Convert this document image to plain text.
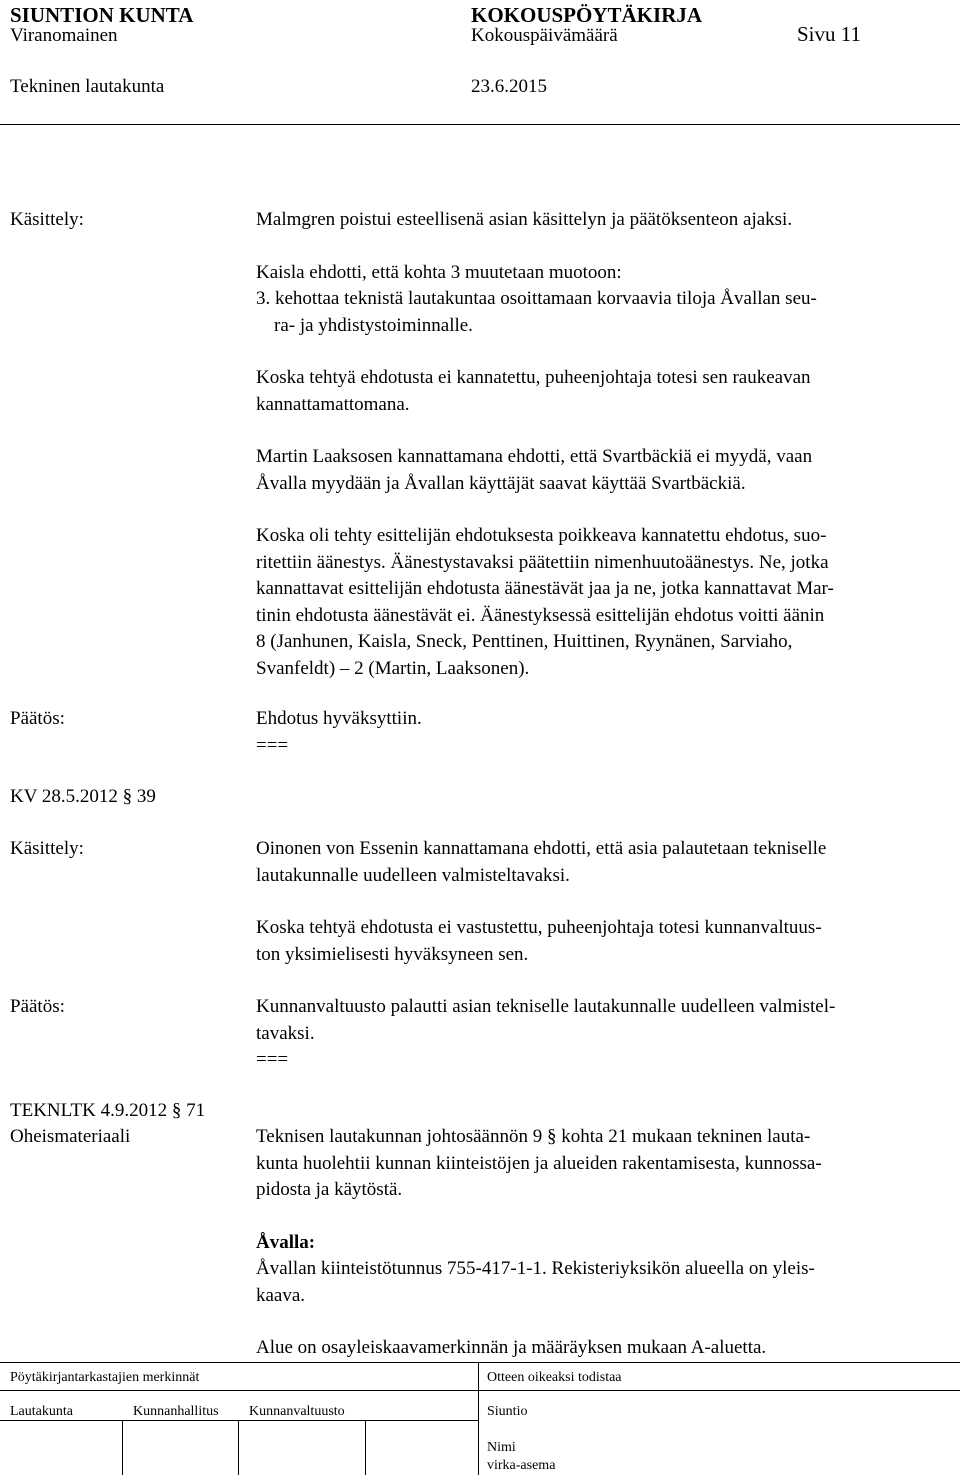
SIUNTION KUNTA	KOKOUSPÖYTÄKIRJA
Viranomainen	Kokouspäivämäärä	Sivu 11
Tekninen lautakunta	23.6.2015
Käsittely:	Malmgren poistui esteellisenä asian käsittelyn ja päätöksenteon ajaksi.

Kaisla ehdotti, että kohta 3 muutetaan muotoon:

3. kehottaa teknistä lautakuntaa osoittamaan korvaavia tiloja Åvallan seu-

ra- ja yhdistystoiminnalle.

Koska tehtyä ehdotusta ei kannatettu, puheenjohtaja totesi sen raukeavan

kannattamattomana.

Martin Laaksosen kannattamana ehdotti, että Svartbäckiä ei myydä, vaan

Åvalla myydään ja Åvallan käyttäjät saavat käyttää Svartbäckiä.

Koska oli tehty esittelijän ehdotuksesta poikkeava kannatettu ehdotus, suo-

ritettiin äänestys. Äänestystavaksi päätettiin nimenhuutoäänestys. Ne, jotka

kannattavat esittelijän ehdotusta äänestävät jaa ja ne, jotka kannattavat Mar-

tinin ehdotusta äänestävät ei. Äänestyksessä esittelijän ehdotus voitti äänin

8 (Janhunen, Kaisla, Sneck, Penttinen, Huittinen, Ryynänen, Sarviaho,

Svanfeldt) – 2 (Martin, Laaksonen).

Päätös:	Ehdotus hyväksyttiin.

===

KV 28.5.2012 § 39
Käsittely:	Oinonen von Essenin kannattamana ehdotti, että asia palautetaan tekniselle

lautakunnalle uudelleen valmisteltavaksi.

Koska tehtyä ehdotusta ei vastustettu, puheenjohtaja totesi kunnanvaltuus-

ton yksimielisesti hyväksyneen sen.

Päätös:	Kunnanvaltuusto palautti asian tekniselle lautakunnalle uudelleen valmistel-

tavaksi.

===

TEKNLTK 4.9.2012 § 71
Oheismateriaali	Teknisen lautakunnan johtosäännön 9 § kohta 21 mukaan tekninen lauta-

kunta huolehtii kunnan kiinteistöjen ja alueiden rakentamisesta, kunnossa-

pidosta ja käytöstä.

Åvalla:

Åvallan kiinteistötunnus 755-417-1-1. Rekisteriyksikön alueella on yleis-

kaava.

Alue on osayleiskaavamerkinnän ja määräyksen mukaan A-aluetta.

Pöytäkirjantarkastajien merkinnät	Otteen oikeaksi todistaa
Lautakunta	Kunnanhallitus Kunnanvaltuusto	Siuntio
Nimi
virka-asema
